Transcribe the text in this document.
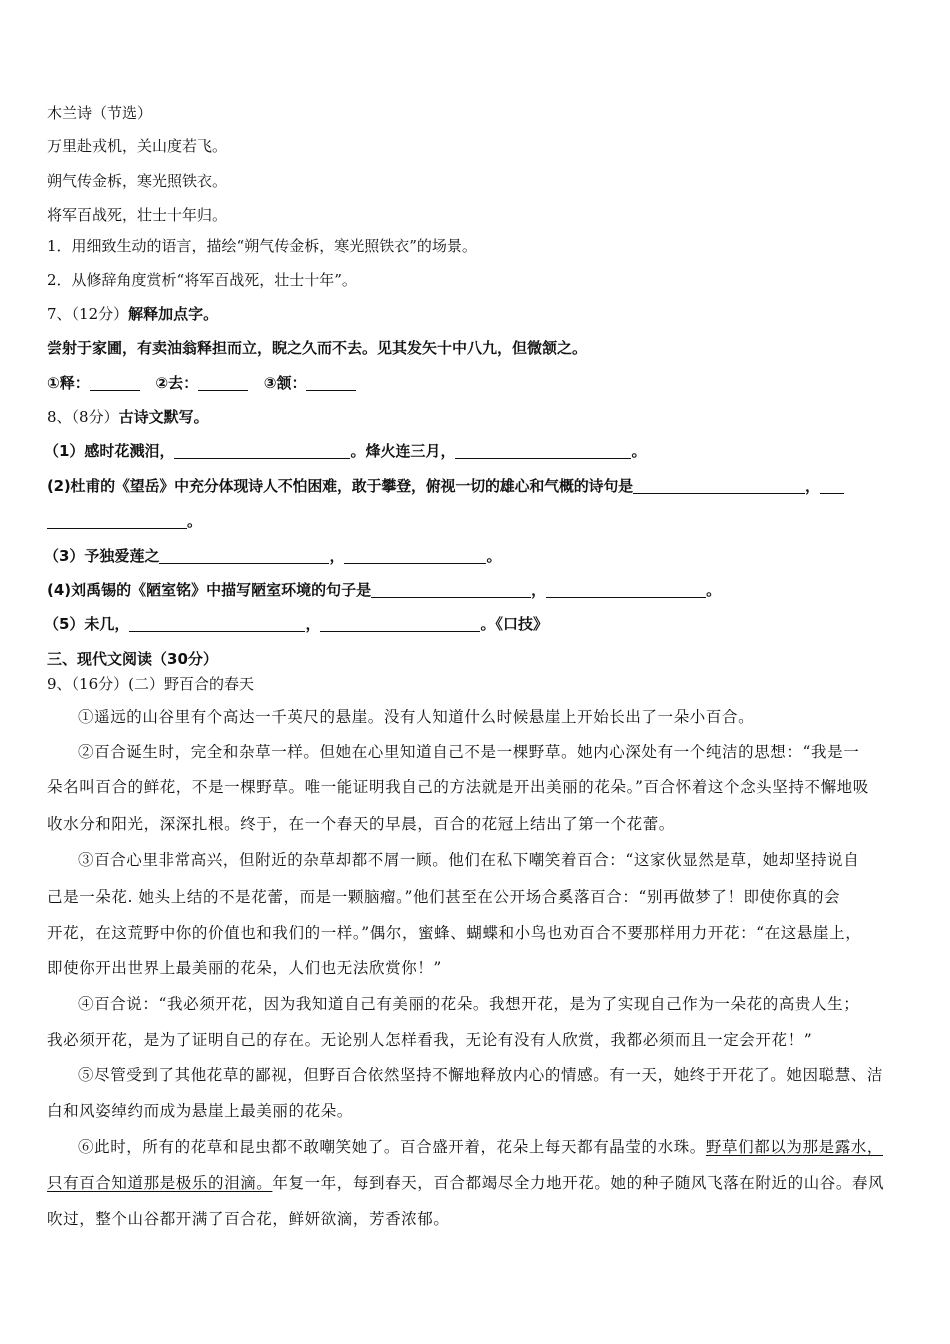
木兰诗（节选）
万里赴戎机，关山度若飞。
朔气传金柝，寒光照铁衣。
将军百战死，壮士十年归。
1．用细致生动的语言，描绘“朔气传金柝，寒光照铁衣”的场景。
2．从修辞角度赏析“将军百战死，壮士十年”。
7、（12分）解释加点字。
尝射于家圃，有卖油翁释担而立，睨之久而不去。见其发矢十中八九，但微颔之。
①释：	②去：	③颔：
8、（8分）古诗文默写。
（1）感时花溅泪，	。烽火连三月，	。
(2)杜甫的《望岳》中充分体现诗人不怕困难，敢于攀登，俯视一切的雄心和气概的诗句是	，
。
（3）予独爱莲之	，	。
(4)刘禹锡的《陋室铭》中描写陋室环境的句子是	，	。
（5）未几，	，	。《口技》
三、现代文阅读（30分）
9、（16分）(二）野百合的春天
①遥远的山谷里有个高达一千英尺的悬崖。没有人知道什么时候悬崖上开始长出了一朵小百合。
②百合诞生时，完全和杂草一样。但她在心里知道自己不是一棵野草。她内心深处有一个纯洁的思想：“我是一
朵名叫百合的鲜花，不是一棵野草。唯一能证明我自己的方法就是开出美丽的花朵。”百合怀着这个念头坚持不懈地吸
收水分和阳光，深深扎根。终于，在一个春天的早晨，百合的花冠上结出了第一个花蕾。
③百合心里非常高兴，但附近的杂草却都不屑一顾。他们在私下嘲笑着百合：“这家伙显然是草，她却坚持说自
己是一朵花. 她头上结的不是花蕾，而是一颗脑瘤。”他们甚至在公开场合奚落百合：“别再做梦了！即使你真的会
开花，在这荒野中你的价值也和我们的一样。”偶尔，蜜蜂、蝴蝶和小鸟也劝百合不要那样用力开花：“在这悬崖上，
即使你开出世界上最美丽的花朵，人们也无法欣赏你！”
④百合说：“我必须开花，因为我知道自己有美丽的花朵。我想开花，是为了实现自己作为一朵花的高贵人生；
我必须开花，是为了证明自己的存在。无论别人怎样看我，无论有没有人欣赏，我都必须而且一定会开花！”
⑤尽管受到了其他花草的鄙视，但野百合依然坚持不懈地释放内心的情感。有一天，她终于开花了。她因聪慧、洁
白和风姿绰约而成为悬崖上最美丽的花朵。
⑥此时，所有的花草和昆虫都不敢嘲笑她了。百合盛开着，花朵上每天都有晶莹的水珠。野草们都以为那是露水，
只有百合知道那是极乐的泪滴。年复一年，每到春天，百合都竭尽全力地开花。她的种子随风飞落在附近的山谷。春风
吹过，整个山谷都开满了百合花，鲜妍欲滴，芳香浓郁。
